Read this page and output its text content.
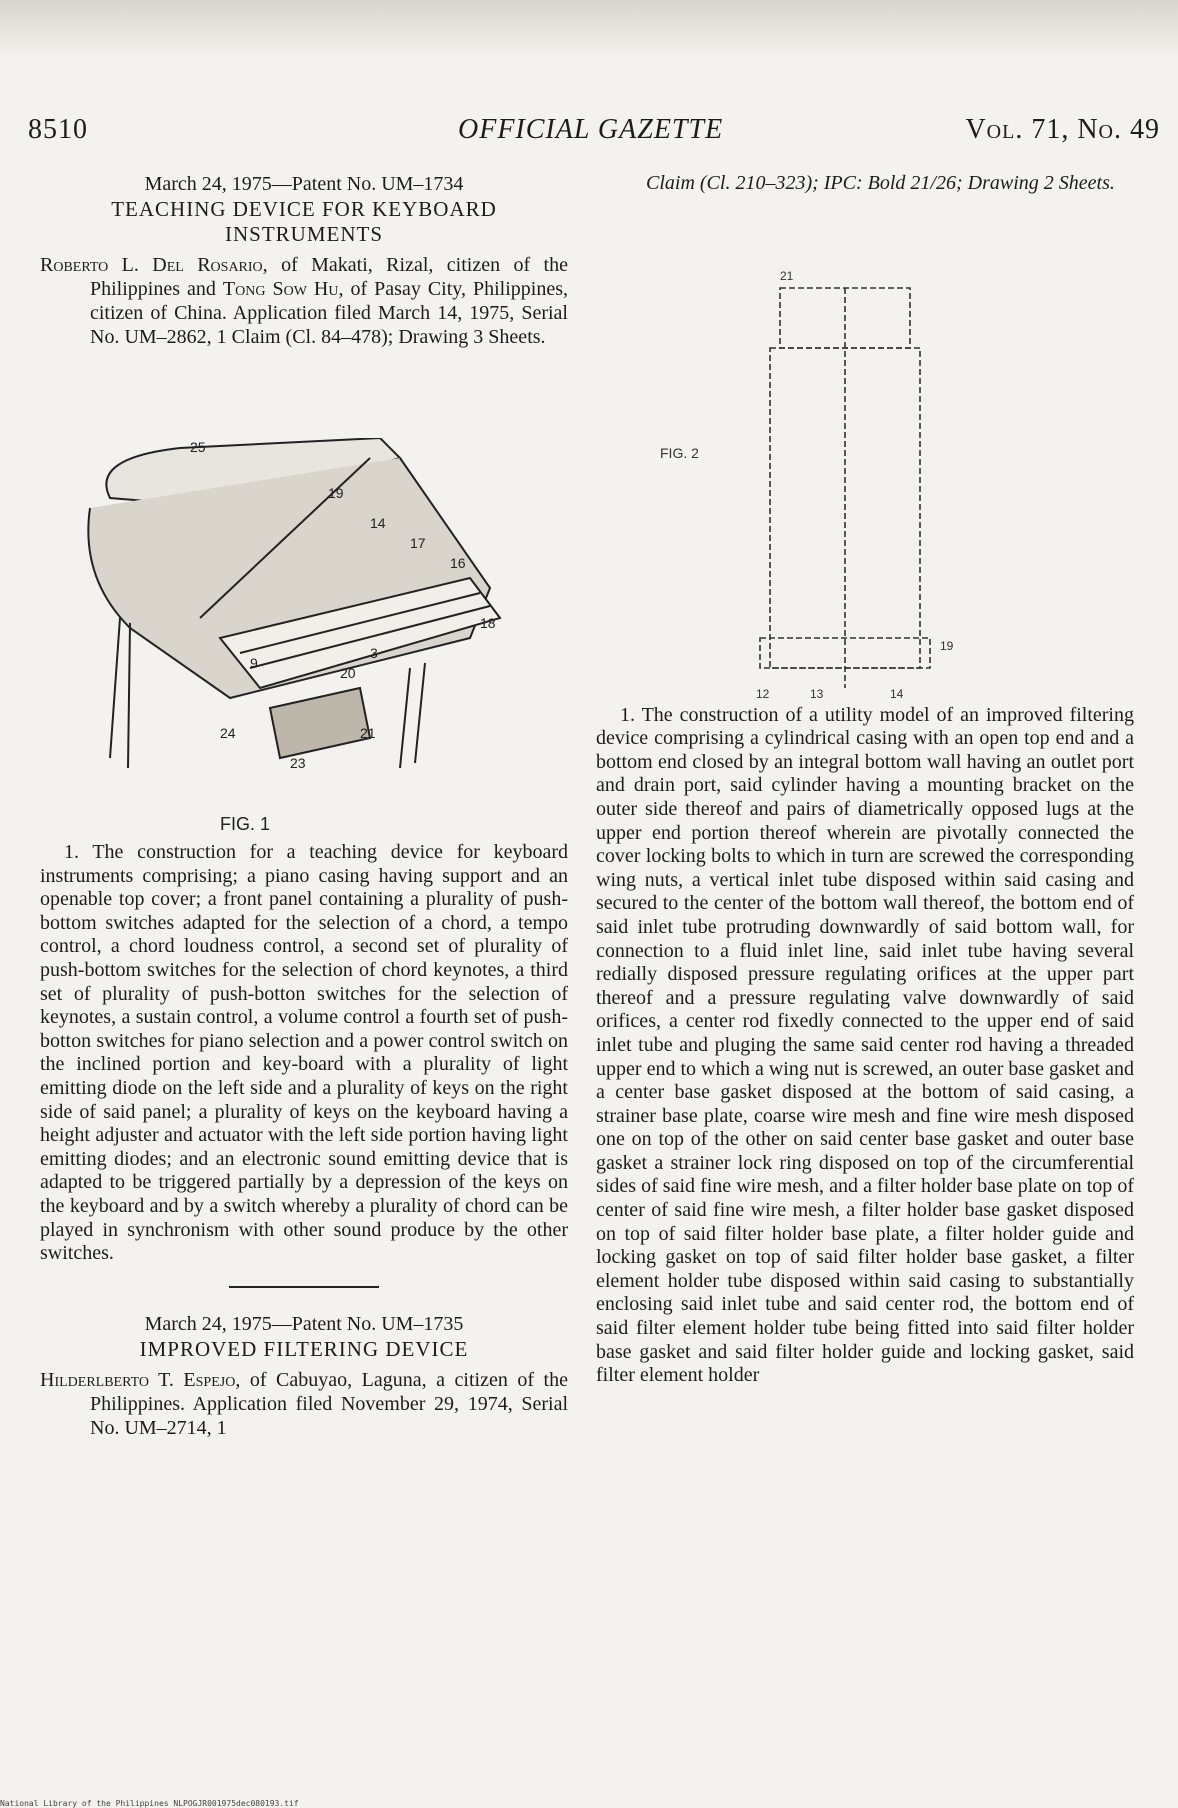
8510	OFFICIAL GAZETTE	Vol. 71, No. 49
March 24, 1975—Patent No. UM–1734
TEACHING DEVICE FOR KEYBOARD INSTRUMENTS
Roberto L. Del Rosario, of Makati, Rizal, citizen of the Philippines and Tong Sow Hu, of Pasay City, Philippines, citizen of China. Application filed March 14, 1975, Serial No. UM–2862, 1 Claim (Cl. 84–478); Drawing 3 Sheets.

1. The construction for a teaching device for keyboard instruments comprising; a piano casing having support and an openable top cover; a front panel containing a plurality of push-bottom switches adapted for the selection of a chord, a tempo control, a chord loudness control, a second set of plurality of push-bottom switches for the selection of chord keynotes, a third set of plurality of push-botton switches for the selection of keynotes, a sustain control, a volume control a fourth set of push-botton switches for piano selection and a power control switch on the inclined portion and key-board with a plurality of light emitting diode on the left side and a plurality of keys on the right side of said panel; a plurality of keys on the keyboard having a height adjuster and actuator with the left side portion having light emitting diodes; and an electronic sound emitting device that is adapted to be triggered partially by a depression of the keys on the keyboard and by a switch whereby a plurality of chord can be played in synchronism with other sound produce by the other switches.

March 24, 1975—Patent No. UM–1735
IMPROVED FILTERING DEVICE
Hilderlberto T. Espejo, of Cabuyao, Laguna, a citizen of the Philippines. Application filed November 29, 1974, Serial No. UM–2714, 1
25
19
14
17
16
18
3
20
21
23
24
9
FIG. 1
Claim (Cl. 210–323); IPC: Bold 21/26; Drawing 2 Sheets.

1. The construction of a utility model of an improved filtering device comprising a cylindrical casing with an open top end and a bottom end closed by an integral bottom wall having an outlet port and drain port, said cylinder having a mounting bracket on the outer side thereof and pairs of diametrically opposed lugs at the upper end portion thereof wherein are pivotally connected the cover locking bolts to which in turn are screwed the corresponding wing nuts, a vertical inlet tube disposed within said casing and secured to the center of the bottom wall thereof, the bottom end of said inlet tube protruding downwardly of said bottom wall, for connection to a fluid inlet line, said inlet tube having several redially disposed pressure regulating orifices at the upper part thereof and a pressure regulating valve downwardly of said orifices, a center rod fixedly connected to the upper end of said inlet tube and pluging the same said center rod having a threaded upper end to which a wing nut is screwed, an outer base gasket and a center base gasket disposed at the bottom of said casing, a strainer base plate, coarse wire mesh and fine wire mesh disposed one on top of the other on said center base gasket and outer base gasket a strainer lock ring disposed on top of the circumferential sides of said fine wire mesh, and a filter holder base plate on top of center of said fine wire mesh, a filter holder base gasket disposed on top of said filter holder base plate, a filter holder guide and locking gasket on top of said filter holder base gasket, a filter element holder tube disposed within said casing to substantially enclosing said inlet tube and said center rod, the bottom end of said filter element holder tube being fitted into said filter holder base gasket and said filter holder guide and locking gasket, said filter element holder

21
12	13	14
19
FIG. 2
National Library of the Philippines NLPOGJR001975dec080193.tif
